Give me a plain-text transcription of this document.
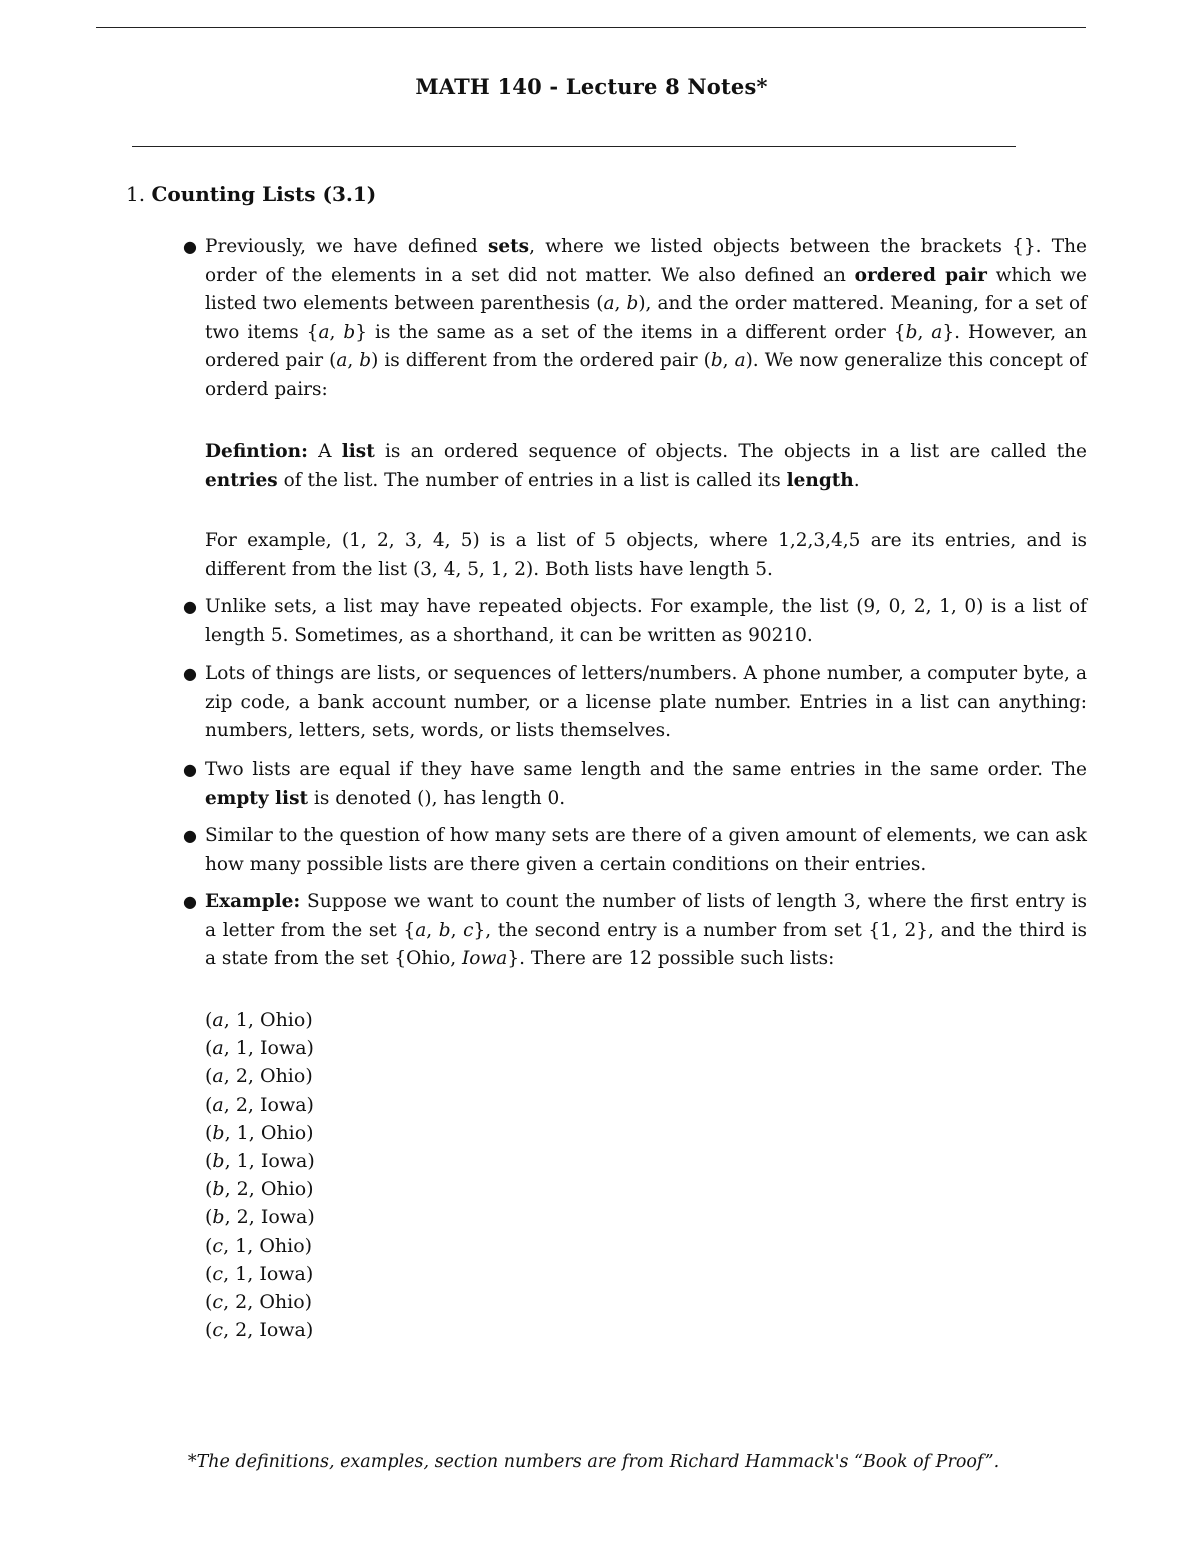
MATH 140 - Lecture 8 Notes*
1. Counting Lists (3.1)
● Previously, we have defined sets, where we listed objects between the brackets {}. The order of the elements in a set did not matter. We also defined an ordered pair which we listed two elements between parenthesis (a, b), and the order mattered. Meaning, for a set of two items {a, b} is the same as a set of the items in a different order {b, a}. However, an ordered pair (a, b) is different from the ordered pair (b, a). We now generalize this concept of orderd pairs:

Defintion: A list is an ordered sequence of objects. The objects in a list are called the entries of the list. The number of entries in a list is called its length.

For example, (1, 2, 3, 4, 5) is a list of 5 objects, where 1,2,3,4,5 are its entries, and is different from the list (3, 4, 5, 1, 2). Both lists have length 5.

● Unlike sets, a list may have repeated objects. For example, the list (9, 0, 2, 1, 0) is a list of length 5. Sometimes, as a shorthand, it can be written as 90210.

● Lots of things are lists, or sequences of letters/numbers. A phone number, a computer byte, a zip code, a bank account number, or a license plate number. Entries in a list can anything: numbers, letters, sets, words, or lists themselves.

● Two lists are equal if they have same length and the same entries in the same order. The empty list is denoted (), has length 0.

● Similar to the question of how many sets are there of a given amount of elements, we can ask how many possible lists are there given a certain conditions on their entries.

● Example: Suppose we want to count the number of lists of length 3, where the first entry is a letter from the set {a, b, c}, the second entry is a number from set {1, 2}, and the third is a state from the set {Ohio, Iowa}. There are 12 possible such lists:

(a, 1, Ohio)
(a, 1, Iowa)
(a, 2, Ohio)
(a, 2, Iowa)
(b, 1, Ohio)
(b, 1, Iowa)
(b, 2, Ohio)
(b, 2, Iowa)
(c, 1, Ohio)
(c, 1, Iowa)
(c, 2, Ohio)
(c, 2, Iowa)
*The definitions, examples, section numbers are from Richard Hammack's “Book of Proof”.
